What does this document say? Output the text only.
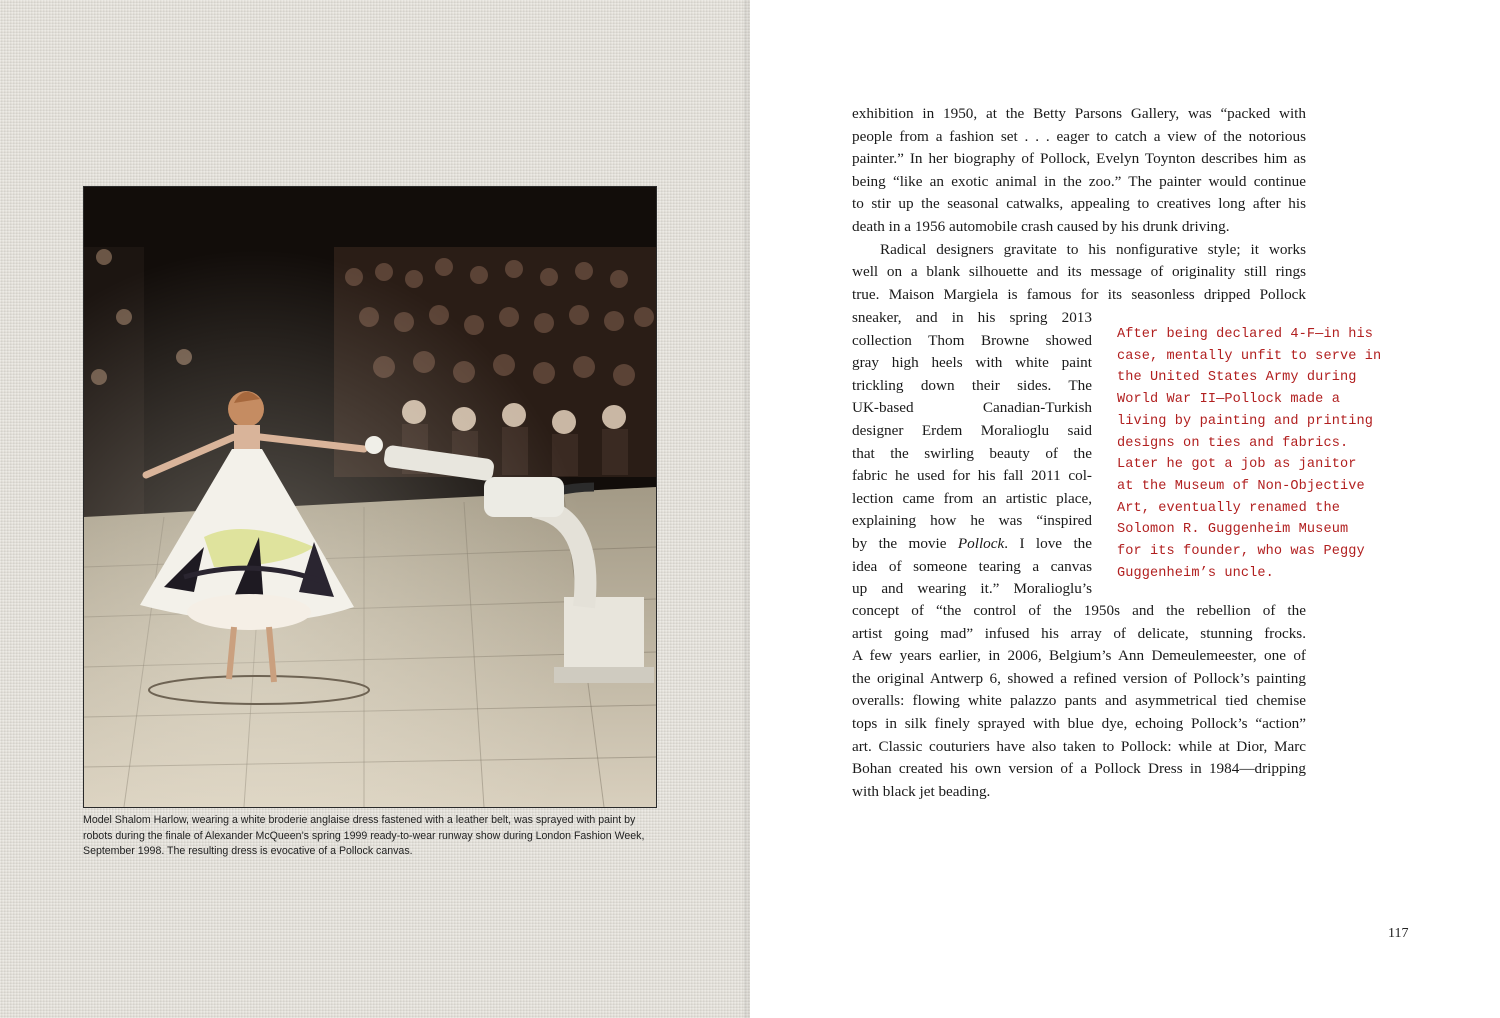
Model Shalom Harlow, wearing a white broderie anglaise dress fastened with a leather belt, was sprayed with paint by robots during the finale of Alexander McQueen’s spring 1999 ready-to-wear runway show during London Fashion Week, September 1998. The resulting dress is evocative of a Pollock canvas.

exhibition in 1950, at the Betty Parsons Gallery, was “packed with
people from a fashion set . . . eager to catch a view of the notorious
painter.” In her biography of Pollock, Evelyn Toynton describes him as
being “like an exotic animal in the zoo.” The painter would continue
to stir up the seasonal catwalks, appealing to creatives long after his
death in a 1956 automobile crash caused by his drunk driving.
Radical designers gravitate to his nonfigurative style; it works
well on a blank silhouette and its message of originality still rings
true. Maison Margiela is famous for its seasonless dripped Pollock
sneaker, and in his spring 2013
collection Thom Browne showed
gray high heels with white paint
trickling down their sides. The
UK-based Canadian-Turkish
designer Erdem Moralioglu said
that the swirling beauty of the
fabric he used for his fall 2011 col-
lection came from an artistic place,
explaining how he was “inspired
by the movie Pollock. I love the
idea of someone tearing a canvas
up and wearing it.” Moralioglu’s

After being declared 4-F—in his
case, mentally unfit to serve in
the United States Army during
World War II—Pollock made a
living by painting and printing
designs on ties and fabrics.
Later he got a job as janitor
at the Museum of Non-Objective
Art, eventually renamed the
Solomon R. Guggenheim Museum
for its founder, who was Peggy
Guggenheim’s uncle.

concept of “the control of the 1950s and the rebellion of the
artist going mad” infused his array of delicate, stunning frocks.
A few years earlier, in 2006, Belgium’s Ann Demeulemeester, one of
the original Antwerp 6, showed a refined version of Pollock’s painting
overalls: flowing white palazzo pants and asymmetrical tied chemise
tops in silk finely sprayed with blue dye, echoing Pollock’s “action”
art. Classic couturiers have also taken to Pollock: while at Dior, Marc
Bohan created his own version of a Pollock Dress in 1984—dripping
with black jet beading.
117
